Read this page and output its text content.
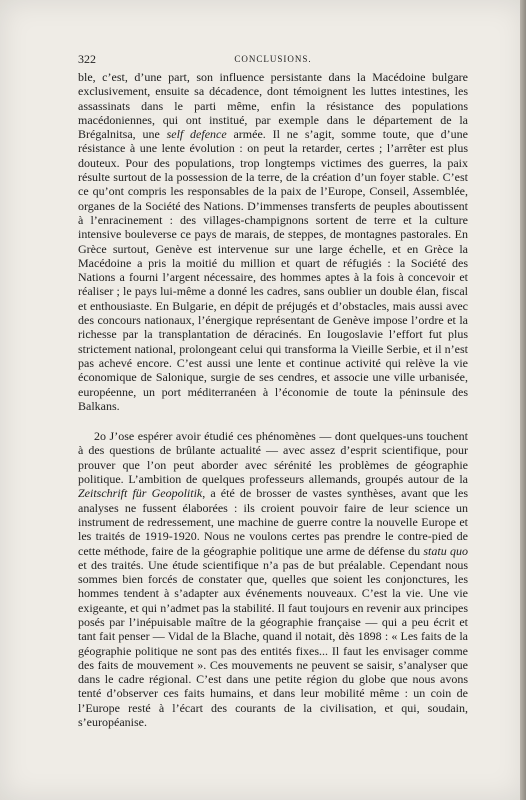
322	CONCLUSIONS.

ble, c’est, d’une part, son influence persistante dans la Macédoine bulgare exclusivement, ensuite sa décadence, dont témoignent les luttes intestines, les assassinats dans le parti même, enfin la résistance des populations macédoniennes, qui ont institué, par exemple dans le département de la Brégalnitsa, une self defence armée. Il ne s’agit, somme toute, que d’une résistance à une lente évolution : on peut la retarder, certes ; l’arrêter est plus douteux. Pour des populations, trop longtemps victimes des guerres, la paix résulte surtout de la possession de la terre, de la création d’un foyer stable. C’est ce qu’ont compris les responsables de la paix de l’Europe, Conseil, Assemblée, organes de la Société des Nations. D’immenses transferts de peuples aboutissent à l’enracinement : des villages-champignons sortent de terre et la culture intensive bouleverse ce pays de marais, de steppes, de montagnes pastorales. En Grèce surtout, Genève est intervenue sur une large échelle, et en Grèce la Macédoine a pris la moitié du million et quart de réfugiés : la Société des Nations a fourni l’argent nécessaire, des hommes aptes à la fois à concevoir et réaliser ; le pays lui-même a donné les cadres, sans oublier un double élan, fiscal et enthousiaste. En Bulgarie, en dépit de préjugés et d’obstacles, mais aussi avec des concours nationaux, l’énergique représentant de Genève impose l’ordre et la richesse par la transplantation de déracinés. En Iougoslavie l’effort fut plus strictement national, prolongeant celui qui transforma la Vieille Serbie, et il n’est pas achevé encore. C’est aussi une lente et continue activité qui relève la vie économique de Salonique, surgie de ses cendres, et associe une ville urbanisée, européenne, un port méditerranéen à l’économie de toute la péninsule des Balkans.

2o J’ose espérer avoir étudié ces phénomènes — dont quelques-uns touchent à des questions de brûlante actualité — avec assez d’esprit scientifique, pour prouver que l’on peut aborder avec sérénité les problèmes de géographie politique. L’ambition de quelques professeurs allemands, groupés autour de la Zeitschrift für Geopolitik, a été de brosser de vastes synthèses, avant que les analyses ne fussent élaborées : ils croient pouvoir faire de leur science un instrument de redressement, une machine de guerre contre la nouvelle Europe et les traités de 1919-1920. Nous ne voulons certes pas prendre le contre-pied de cette méthode, faire de la géographie politique une arme de défense du statu quo et des traités. Une étude scientifique n’a pas de but préalable. Cependant nous sommes bien forcés de constater que, quelles que soient les conjonctures, les hommes tendent à s’adapter aux événements nouveaux. C’est la vie. Une vie exigeante, et qui n’admet pas la stabilité. Il faut toujours en revenir aux principes posés par l’inépuisable maître de la géographie française — qui a peu écrit et tant fait penser — Vidal de la Blache, quand il notait, dès 1898 : « Les faits de la géographie politique ne sont pas des entités fixes... Il faut les envisager comme des faits de mouvement ». Ces mouvements ne peuvent se saisir, s’analyser que dans le cadre régional. C’est dans une petite région du globe que nous avons tenté d’observer ces faits humains, et dans leur mobilité même : un coin de l’Europe resté à l’écart des courants de la civilisation, et qui, soudain, s’européanise.
